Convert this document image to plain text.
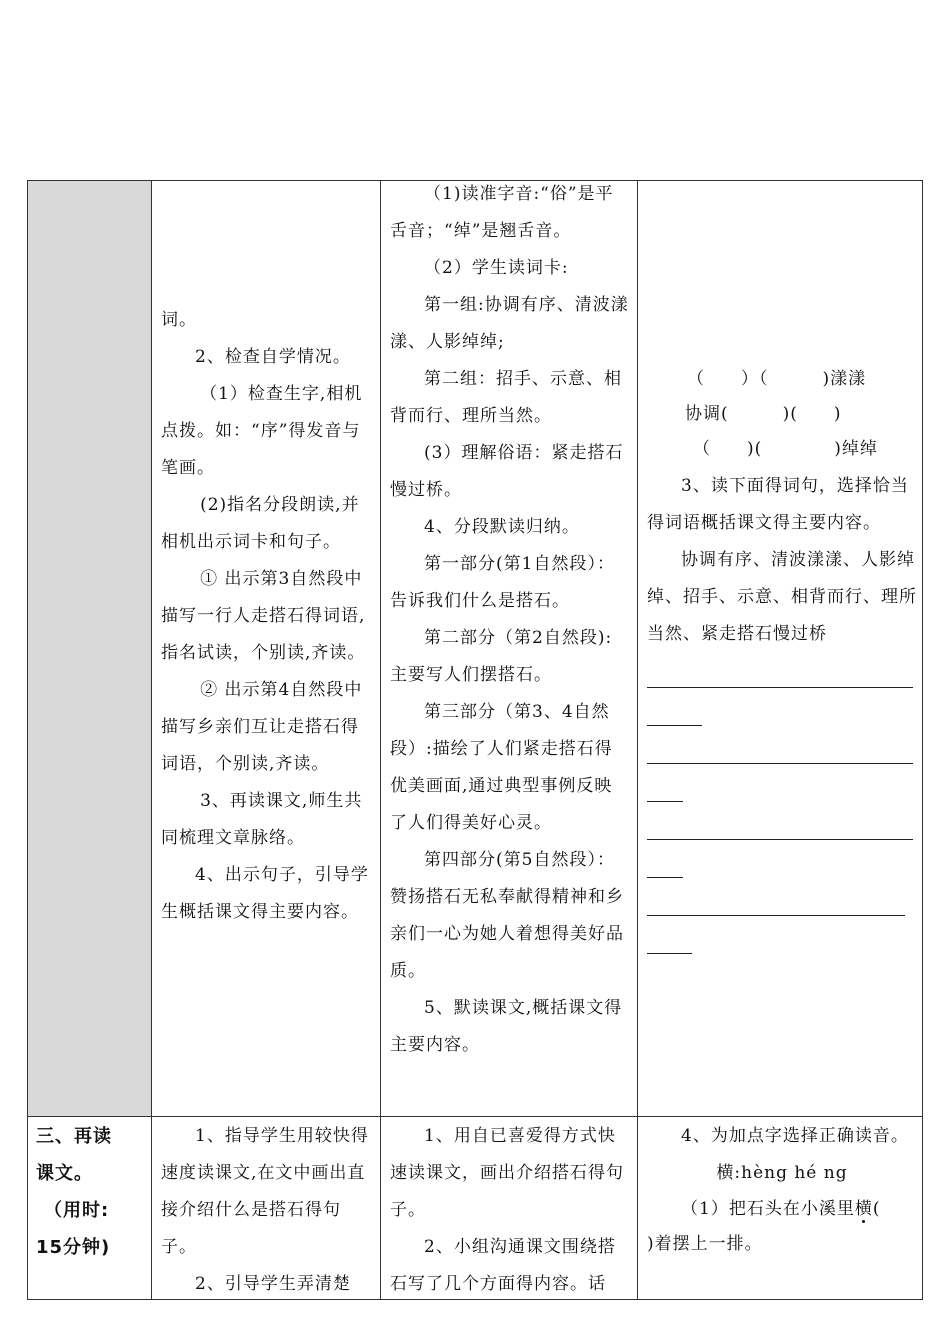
词。

2、检查自学情况。

（1）检查生字,相机点拨。如：“序”得发音与笔画。

(2)指名分段朗读,并相机出示词卡和句子。

① 出示第3自然段中描写一行人走搭石得词语,指名试读，个别读,齐读。

② 出示第4自然段中描写乡亲们互让走搭石得词语，个别读,齐读。

3、再读课文,师生共同梳理文章脉络。

4、出示句子，引导学生概括课文得主要内容。

（1)读准字音:“俗”是平舌音；“绰”是翘舌音。

（2）学生读词卡:

第一组:协调有序、清波漾漾、人影绰绰;

第二组：招手、示意、相背而行、理所当然。

(3）理解俗语：紧走搭石慢过桥。

4、分段默读归纳。

第一部分(第1自然段）：告诉我们什么是搭石。

第二部分（第2自然段):主要写人们摆搭石。

第三部分（第3、4自然段）:描绘了人们紧走搭石得优美画面,通过典型事例反映了人们得美好心灵。

第四部分(第5自然段）：赞扬搭石无私奉献得精神和乡亲们一心为她人着想得美好品质。

5、默读课文,概括课文得主要内容。

（　　）（　　　)漾漾

协调(　　　)(　　)

（　　)(　　　　)绰绰

3、读下面得词句，选择恰当得词语概括课文得主要内容。

协调有序、清波漾漾、人影绰绰、招手、示意、相背而行、理所当然、紧走搭石慢过桥

三、再读

课文。

（用时:

15分钟)

1、指导学生用较快得速度读课文,在文中画出直接介绍什么是搭石得句子。

2、引导学生弄清楚

1、用自已喜爱得方式快速读课文，画出介绍搭石得句子。

2、小组沟通课文围绕搭石写了几个方面得内容。话

4、为加点字选择正确读音。

横:hèng hé ng

（1）把石头在小溪里横(

)着摆上一排。
